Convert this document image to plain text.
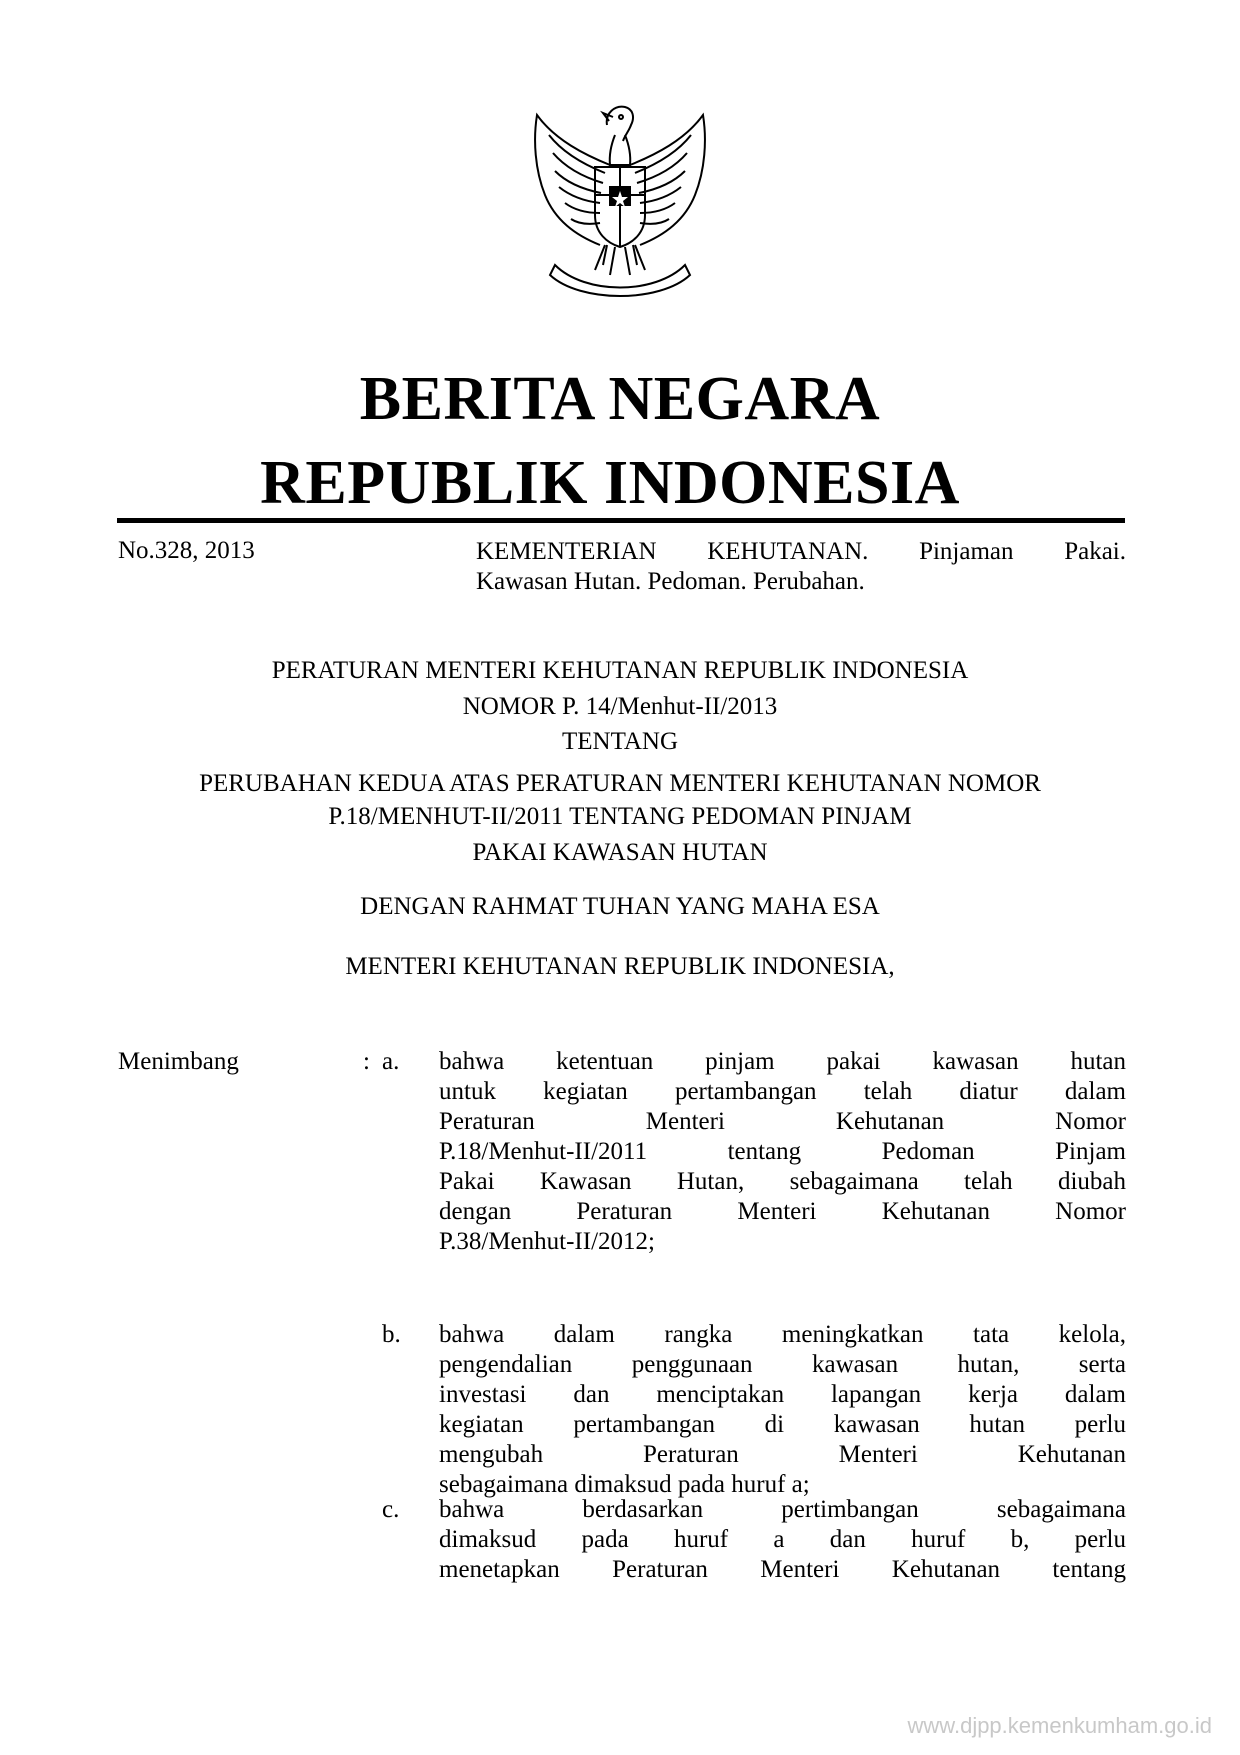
BERITA NEGARA
REPUBLIK INDONESIA
No.328, 2013	KEMENTERIAN KEHUTANAN. Pinjaman Pakai.
Kawasan Hutan. Pedoman. Perubahan.
PERATURAN MENTERI KEHUTANAN REPUBLIK INDONESIA
NOMOR P. 14/Menhut-II/2013
TENTANG
PERUBAHAN KEDUA ATAS PERATURAN MENTERI KEHUTANAN NOMOR
P.18/MENHUT-II/2011 TENTANG PEDOMAN PINJAM
PAKAI KAWASAN HUTAN
DENGAN RAHMAT TUHAN YANG MAHA ESA
MENTERI KEHUTANAN REPUBLIK INDONESIA,
Menimbang	: a. bahwa ketentuan pinjam pakai kawasan hutan
untuk kegiatan pertambangan telah diatur dalam
Peraturan Menteri Kehutanan Nomor
P.18/Menhut-II/2011 tentang Pedoman Pinjam
Pakai Kawasan Hutan, sebagaimana telah diubah
dengan Peraturan Menteri Kehutanan Nomor
P.38/Menhut-II/2012;
b. bahwa dalam rangka meningkatkan tata kelola,
pengendalian penggunaan kawasan hutan, serta
investasi dan menciptakan lapangan kerja dalam
kegiatan pertambangan di kawasan hutan perlu
mengubah Peraturan Menteri Kehutanan
sebagaimana dimaksud pada huruf a;
c. bahwa berdasarkan pertimbangan sebagaimana
dimaksud pada huruf a dan huruf b, perlu
menetapkan Peraturan Menteri Kehutanan tentang
www.djpp.kemenkumham.go.id
